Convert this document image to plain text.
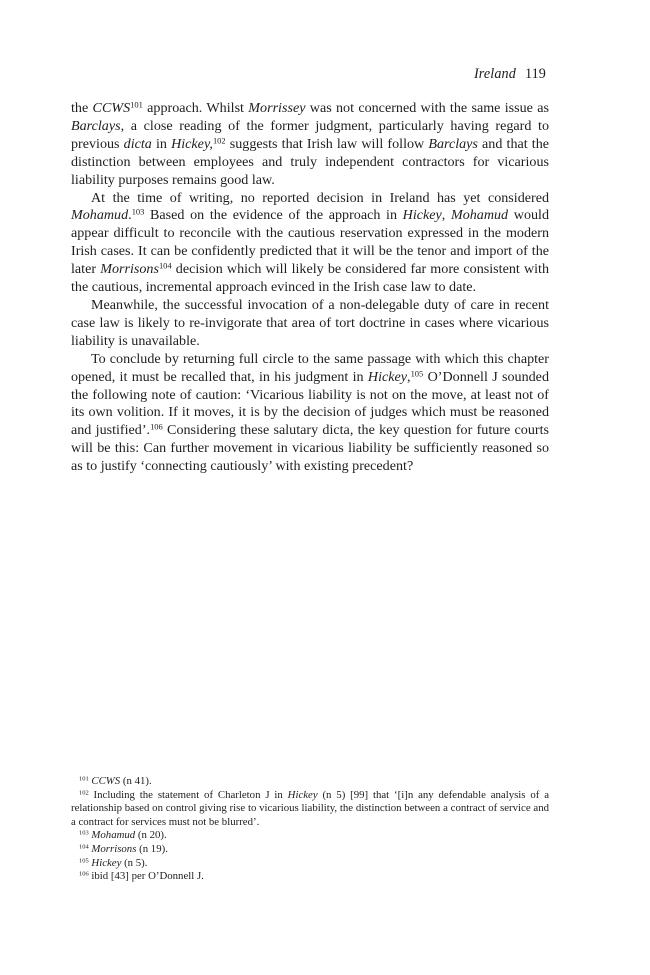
Ireland 119

the CCWS$^{101}$ approach. Whilst Morrissey was not concerned with the same issue as Barclays, a close reading of the former judgment, particularly having regard to previous dicta in Hickey,$^{102}$ suggests that Irish law will follow Barclays and that the distinction between employees and truly independent contractors for vicarious liability purposes remains good law.

At the time of writing, no reported decision in Ireland has yet considered Mohamud.$^{103}$ Based on the evidence of the approach in Hickey, Mohamud would appear difficult to reconcile with the cautious reservation expressed in the modern Irish cases. It can be confidently predicted that it will be the tenor and import of the later Morrisons$^{104}$ decision which will likely be considered far more consistent with the cautious, incremental approach evinced in the Irish case law to date.

Meanwhile, the successful invocation of a non-delegable duty of care in recent case law is likely to re-invigorate that area of tort doctrine in cases where vicarious liability is unavailable.

To conclude by returning full circle to the same passage with which this chapter opened, it must be recalled that, in his judgment in Hickey,$^{105}$ O’Donnell J sounded the following note of caution: ‘Vicarious liability is not on the move, at least not of its own volition. If it moves, it is by the decision of judges which must be reasoned and justified’.$^{106}$ Considering these salutary dicta, the key question for future courts will be this: Can further movement in vicarious liability be sufficiently reasoned so as to justify ‘connecting cautiously’ with existing precedent?

$^{101}$ CCWS (n 41).

$^{102}$ Including the statement of Charleton J in Hickey (n 5) [99] that ‘[i]n any defendable analysis of a relationship based on control giving rise to vicarious liability, the distinction between a contract of service and a contract for services must not be blurred’.

$^{103}$ Mohamud (n 20).

$^{104}$ Morrisons (n 19).

$^{105}$ Hickey (n 5).

$^{106}$ ibid [43] per O’Donnell J.
